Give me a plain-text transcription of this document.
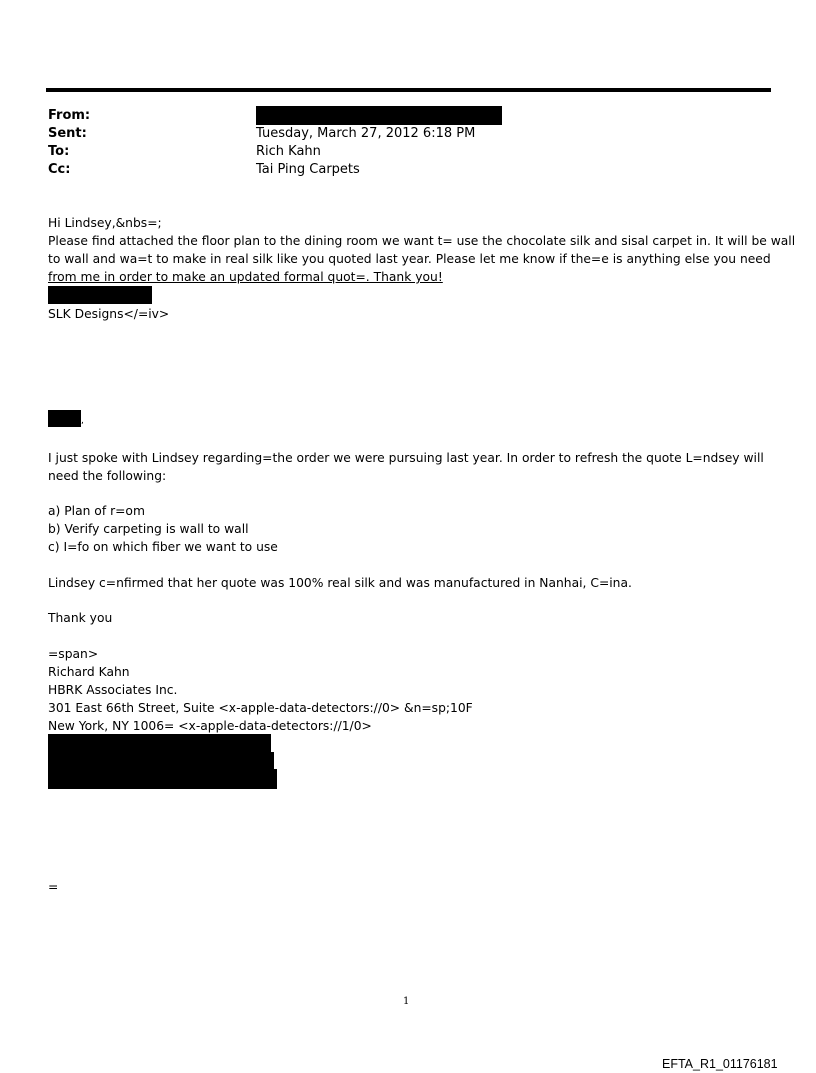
From:
Sent:	Tuesday, March 27, 2012 6:18 PM
To:	Rich Kahn
Cc:	Tai Ping Carpets
Hi Lindsey,&nbs=;
Please find attached the floor plan to the dining room we want t= use the chocolate silk and sisal carpet in. It will be wall
to wall and wa=t to make in real silk like you quoted last year. Please let me know if the=e is anything else you need
from me in order to make an updated formal quot=. Thank you!
SLK Designs</=iv>
,
I just spoke with Lindsey regarding=the order we were pursuing last year. In order to refresh the quote L=ndsey will
need the following:
a) Plan of r=om
b) Verify carpeting is wall to wall
c) I=fo on which fiber we want to use
Lindsey c=nfirmed that her quote was 100% real silk and was manufactured in Nanhai, C=ina.
Thank you
=span>
Richard Kahn
HBRK Associates Inc.
301 East 66th Street, Suite <x-apple-data-detectors://0> &n=sp;10F
New York, NY 1006= <x-apple-data-detectors://1/0>
=
1
EFTA_R1_01176181
